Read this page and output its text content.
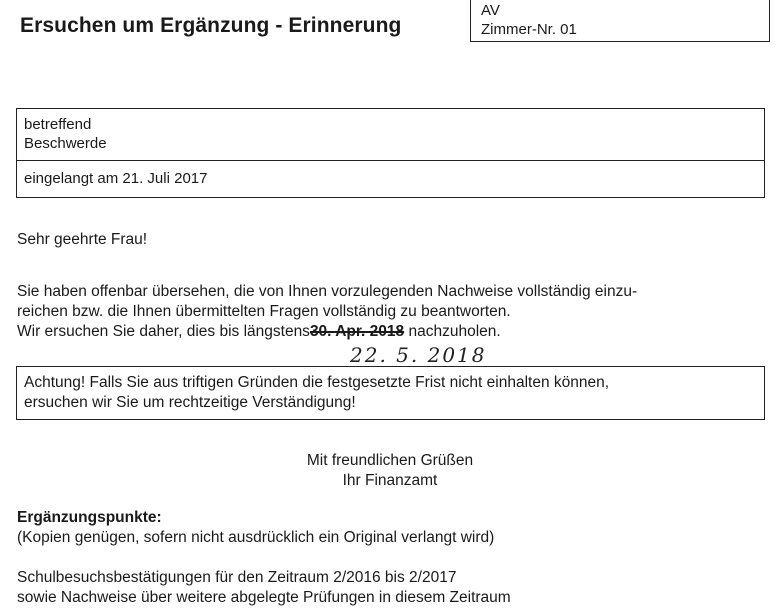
Ersuchen um Ergänzung - Erinnerung
AV
Zimmer-Nr. 01
betreffend
Beschwerde
eingelangt am 21. Juli 2017
Sehr geehrte Frau!
Sie haben offenbar übersehen, die von Ihnen vorzulegenden Nachweise vollständig einzu-
reichen bzw. die Ihnen übermittelten Fragen vollständig zu beantworten.
Wir ersuchen Sie daher, dies bis längstens30. Apr. 2018 nachzuholen.
22. 5. 2018
Achtung! Falls Sie aus triftigen Gründen die festgesetzte Frist nicht einhalten können,
ersuchen wir Sie um rechtzeitige Verständigung!
Mit freundlichen Grüßen
Ihr Finanzamt
Ergänzungspunkte:
(Kopien genügen, sofern nicht ausdrücklich ein Original verlangt wird)
Schulbesuchsbestätigungen für den Zeitraum 2/2016 bis 2/2017
sowie Nachweise über weitere abgelegte Prüfungen in diesem Zeitraum
